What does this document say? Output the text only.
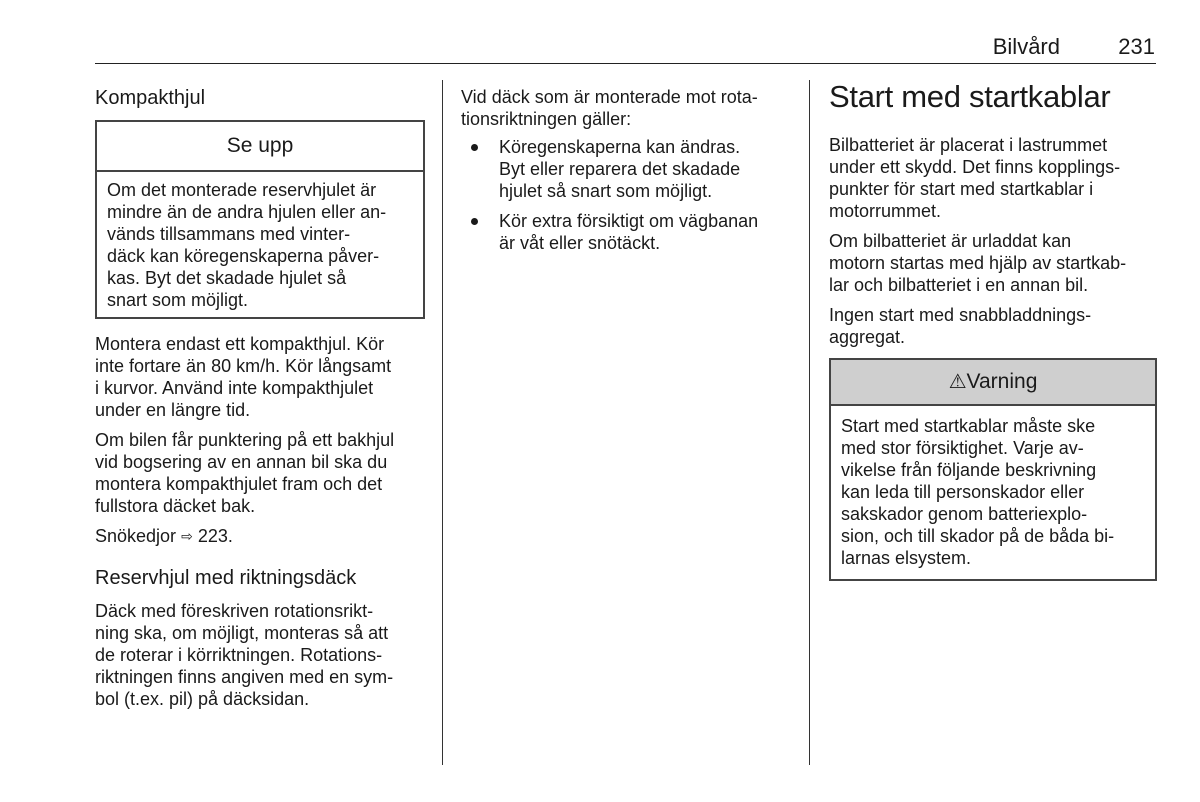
Bilvård	231
Kompakthjul
Se upp

Om det monterade reservhjulet är
mindre än de andra hjulen eller an-
vänds tillsammans med vinter-
däck kan köregenskaperna påver-
kas. Byt det skadade hjulet så
snart som möjligt.

Montera endast ett kompakthjul. Kör
inte fortare än 80 km/h. Kör långsamt
i kurvor. Använd inte kompakthjulet
under en längre tid.

Om bilen får punktering på ett bakhjul
vid bogsering av en annan bil ska du
montera kompakthjulet fram och det
fullstora däcket bak.

Snökedjor ⇨ 223.

Reservhjul med riktningsdäck

Däck med föreskriven rotationsrikt-
ning ska, om möjligt, monteras så att
de roterar i körriktningen. Rotations-
riktningen finns angiven med en sym-
bol (t.ex. pil) på däcksidan.

Vid däck som är monterade mot rota-
tionsriktningen gäller:

Köregenskaperna kan ändras.
Byt eller reparera det skadade
hjulet så snart som möjligt.
Kör extra försiktigt om vägbanan
är våt eller snötäckt.
Start med startkablar

Bilbatteriet är placerat i lastrummet
under ett skydd. Det finns kopplings-
punkter för start med startkablar i
motorrummet.

Om bilbatteriet är urladdat kan
motorn startas med hjälp av startkab-
lar och bilbatteriet i en annan bil.

Ingen start med snabbladdnings-
aggregat.

⚠Varning

Start med startkablar måste ske
med stor försiktighet. Varje av-
vikelse från följande beskrivning
kan leda till personskador eller
sakskador genom batteriexplo-
sion, och till skador på de båda bi-
larnas elsystem.
